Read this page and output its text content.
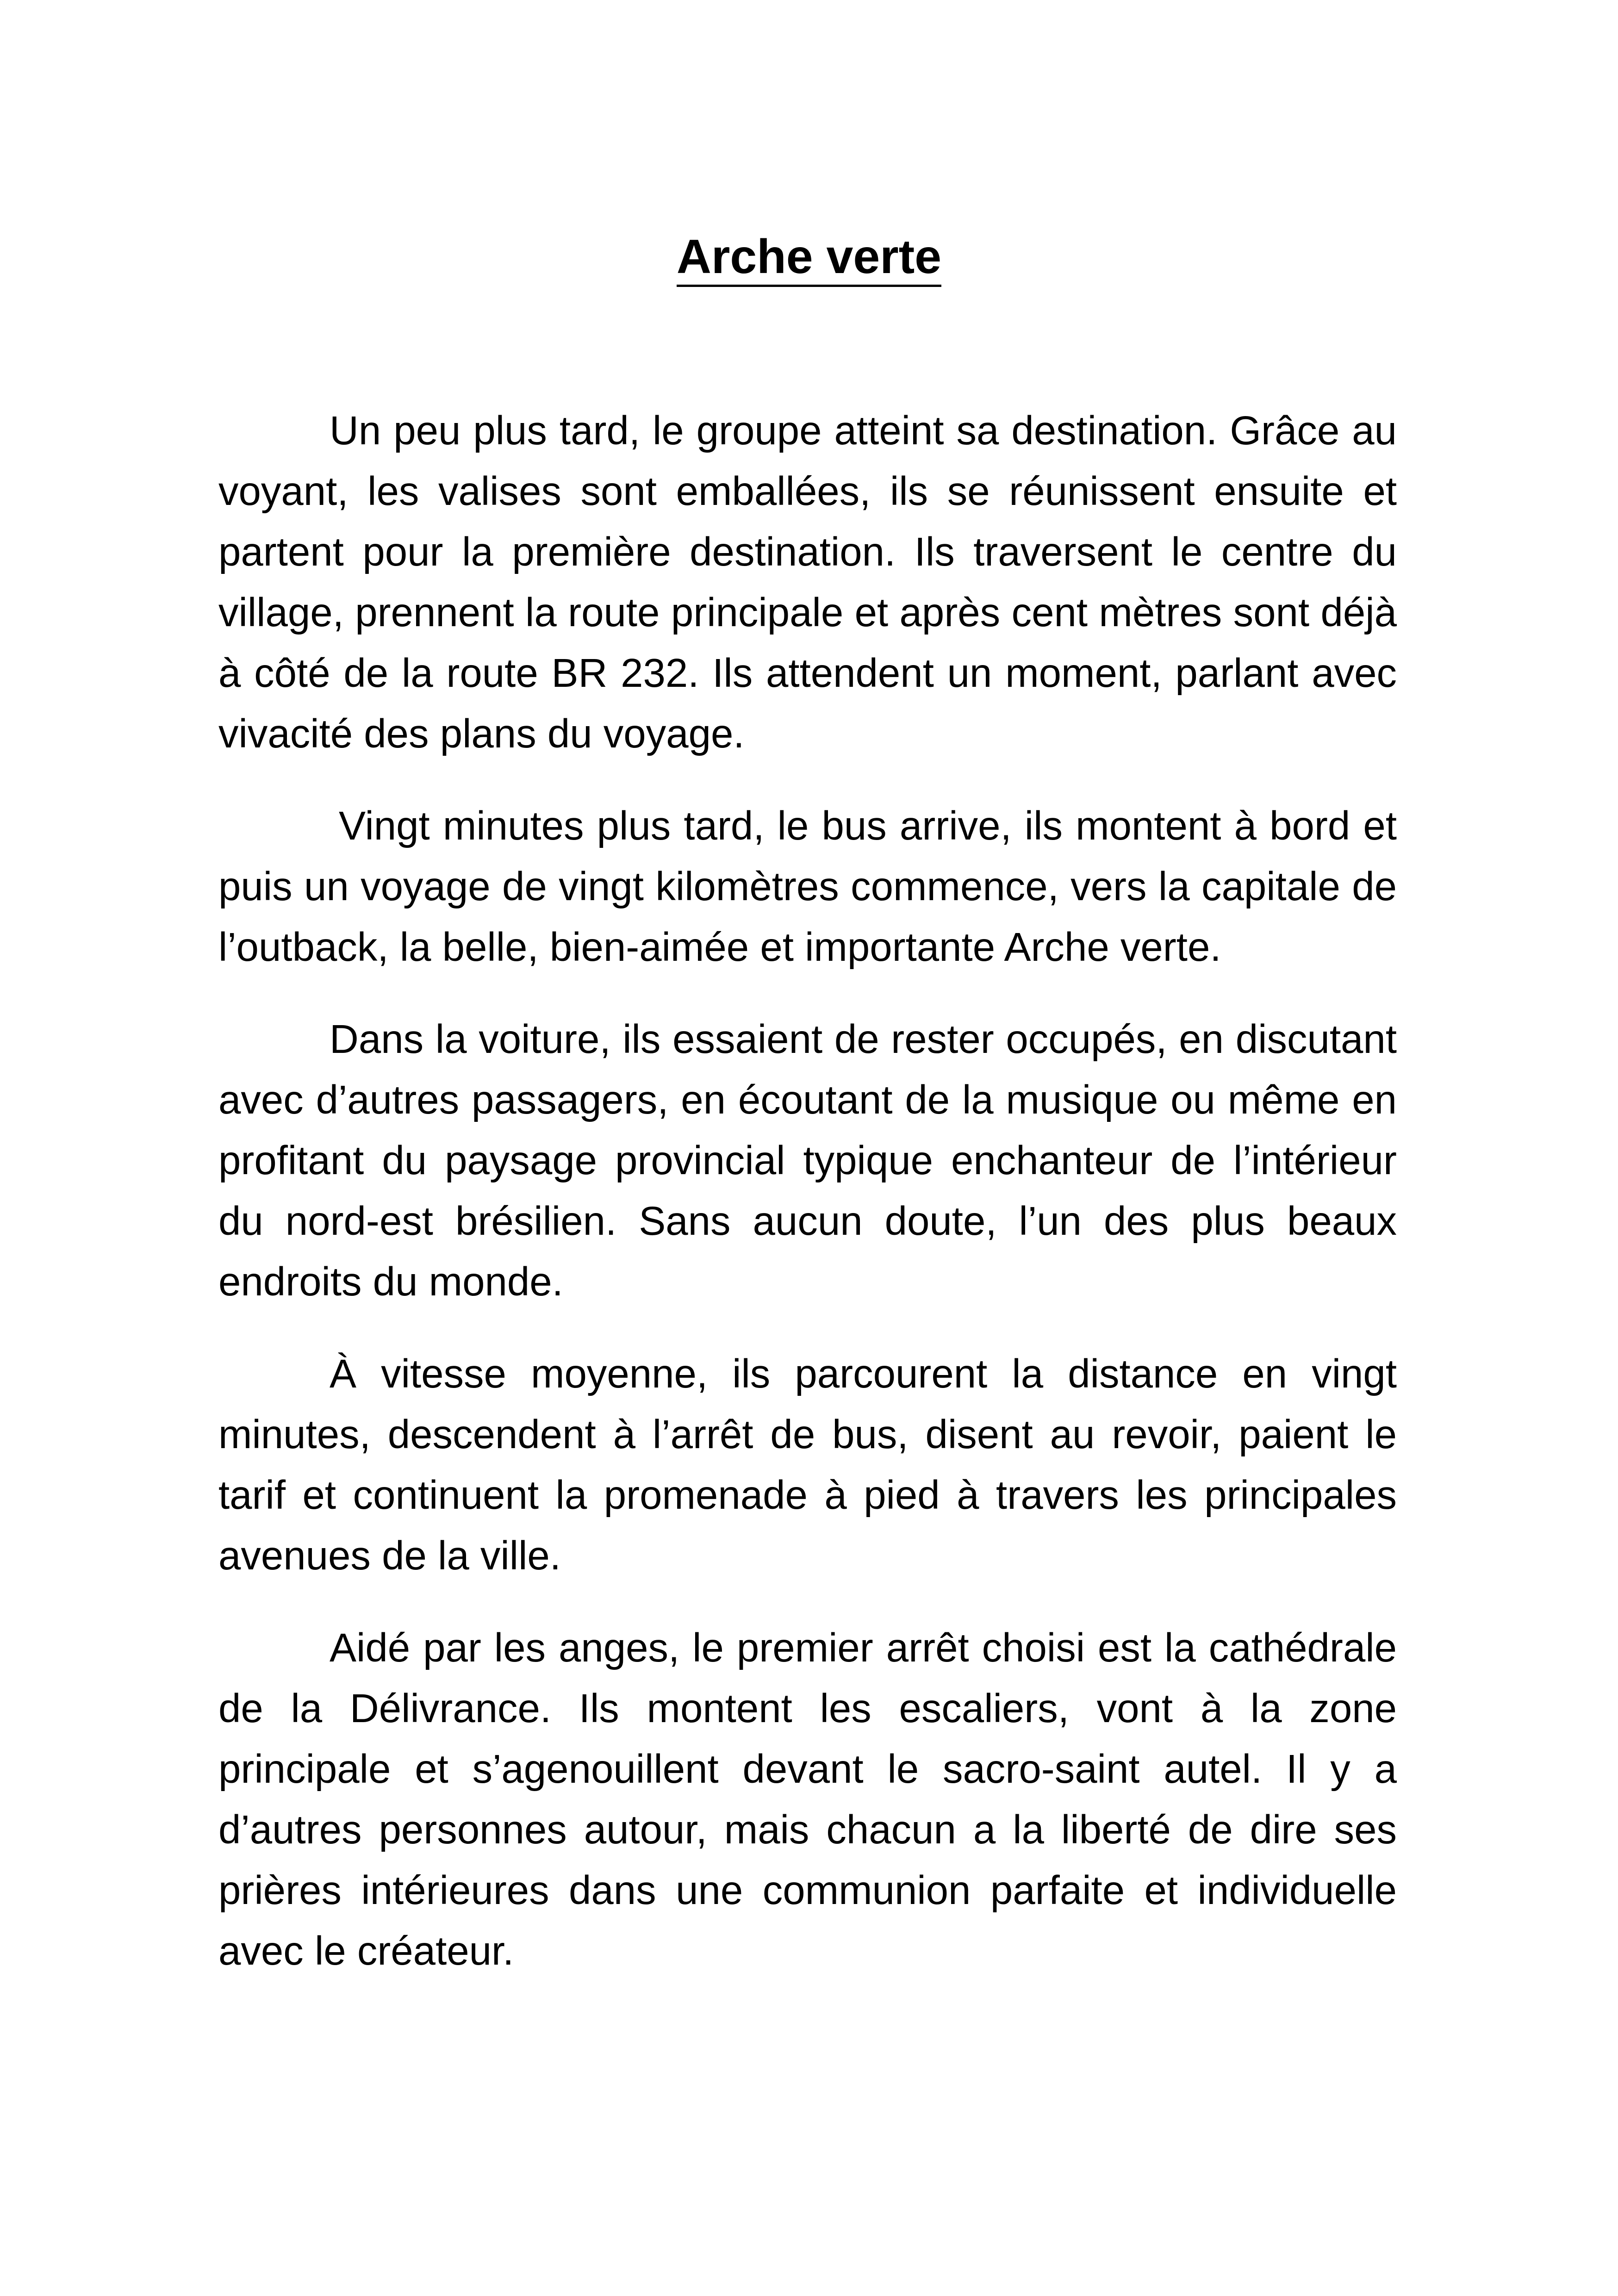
Arche verte

Un peu plus tard, le groupe atteint sa destination. Grâce au voyant, les valises sont emballées, ils se réunissent ensuite et partent pour la première destination. Ils traversent le centre du village, prennent la route principale et après cent mètres sont déjà à côté de la route BR 232. Ils attendent un moment, parlant avec vivacité des plans du voyage.

Vingt minutes plus tard, le bus arrive, ils montent à bord et puis un voyage de vingt kilomètres commence, vers la capitale de l’outback, la belle, bien-aimée et importante Arche verte.

Dans la voiture, ils essaient de rester occupés, en discutant avec d’autres passagers, en écoutant de la musique ou même en profitant du paysage provincial typique enchanteur de l’intérieur du nord-est brésilien. Sans aucun doute, l’un des plus beaux endroits du monde.

À vitesse moyenne, ils parcourent la distance en vingt minutes, descendent à l’arrêt de bus, disent au revoir, paient le tarif et continuent la promenade à pied à travers les principales avenues de la ville.

Aidé par les anges, le premier arrêt choisi est la cathédrale de la Délivrance. Ils montent les escaliers, vont à la zone principale et s’agenouillent devant le sacro-saint autel. Il y a d’autres personnes autour, mais chacun a la liberté de dire ses prières intérieures dans une communion parfaite et individuelle avec le créateur.
